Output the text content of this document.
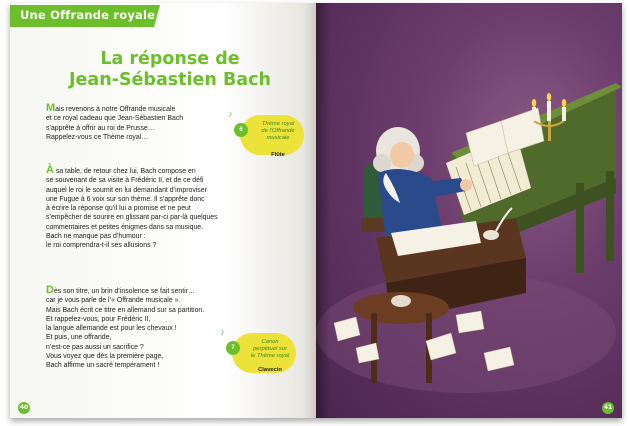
Une Offrande royale
La réponse de
Jean-Sébastien Bach
Mais revenons à notre Offrande musicale
et ce royal cadeau que Jean-Sébastien Bach
s’apprête à offrir au roi de Prusse…
Rappelez-vous ce Thème royal…
À sa table, de retour chez lui, Bach compose en
se souvenant de sa visite à Frédéric II, et de ce défi
auquel le roi le soumit en lui demandant d’improviser
une Fugue à 6 voix sur son thème. Il s’apprête donc
à écrire la réponse qu’il lui a promise et ne peut
s’empêcher de sourire en glissant par-ci par-là quelques
commentaires et petites énigmes dans sa musique.
Bach ne manque pas d’humour :
le roi comprendra-t-il ses allusions ?
Dès son titre, un brin d’insolence se fait sentir…
car je vous parle de l’« Offrande musicale ».
Mais Bach écrit ce titre en allemand sur sa partition.
Et rappelez-vous, pour Frédéric II,
la langue allemande est pour les chevaux !
Et puis, une offrande,
n’est-ce pas aussi un sacrifice ?
Vous voyez que dès la première page,
Bach affirme un sacré tempérament !
♪
6
Thème royal
de l’Offrande
musicale
Flûte
♪
7
Canon
perpétuel sur
le Thème royal
Clavecin
40	41
